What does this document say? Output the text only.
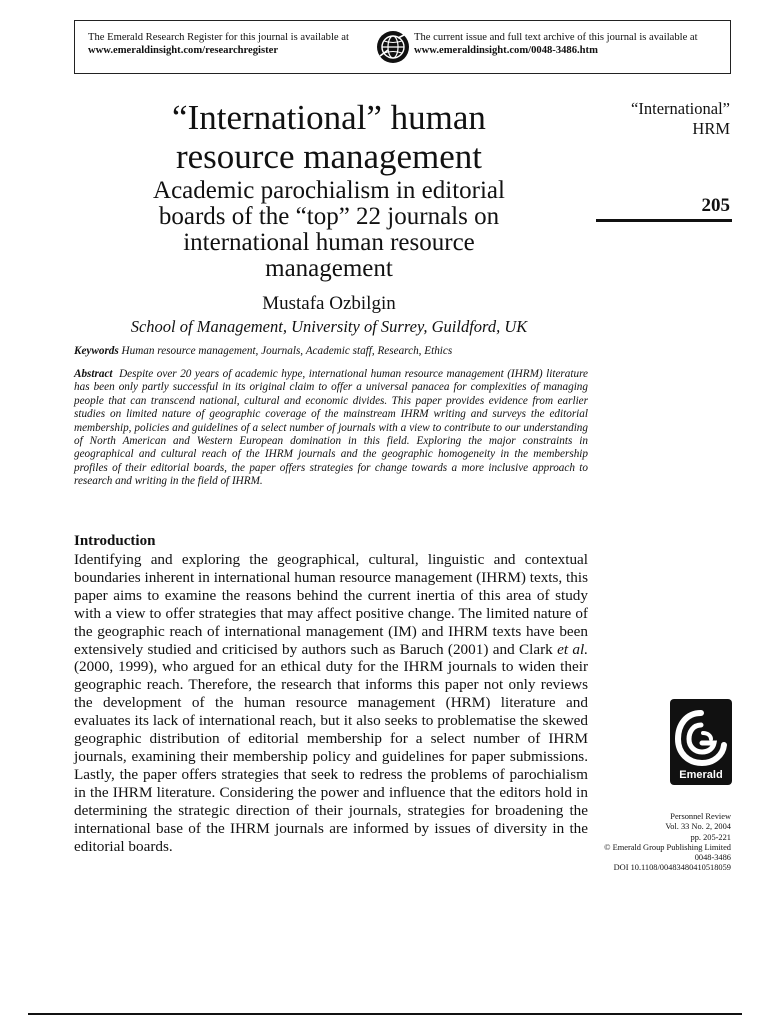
The Emerald Research Register for this journal is available at
www.emeraldinsight.com/researchregister
The current issue and full text archive of this journal is available at
www.emeraldinsight.com/0048-3486.htm
“International” human
resource management
Academic parochialism in editorial
boards of the “top” 22 journals on
international human resource
management
Mustafa Ozbilgin
School of Management, University of Surrey, Guildford, UK
“International”
HRM
205
Keywords Human resource management, Journals, Academic staff, Research, Ethics
Abstract Despite over 20 years of academic hype, international human resource management (IHRM) literature has been only partly successful in its original claim to offer a universal panacea for complexities of managing people that can transcend national, cultural and economic divides. This paper provides evidence from earlier studies on limited nature of geographic coverage of the mainstream IHRM writing and surveys the editorial membership, policies and guidelines of a select number of journals with a view to contribute to our understanding of North American and Western European domination in this field. Exploring the major constraints in geographical and cultural reach of the IHRM journals and the geographic homogeneity in the membership profiles of their editorial boards, the paper offers strategies for change towards a more inclusive approach to research and writing in the field of IHRM.
Introduction
Identifying and exploring the geographical, cultural, linguistic and contextual boundaries inherent in international human resource management (IHRM) texts, this paper aims to examine the reasons behind the current inertia of this area of study with a view to offer strategies that may affect positive change. The limited nature of the geographic reach of international management (IM) and IHRM texts have been extensively studied and criticised by authors such as Baruch (2001) and Clark et al. (2000, 1999), who argued for an ethical duty for the IHRM journals to widen their geographic reach. Therefore, the research that informs this paper not only reviews the development of the human resource management (HRM) literature and evaluates its lack of international reach, but it also seeks to problematise the skewed geographic distribution of editorial membership for a select number of IHRM journals, examining their membership policy and guidelines for paper submissions. Lastly, the paper offers strategies that seek to redress the problems of parochialism in the IHRM literature. Considering the power and influence that the editors hold in determining the strategic direction of their journals, strategies for broadening the international base of the IHRM journals are informed by issues of diversity in the editorial boards.
Emerald
Personnel Review
Vol. 33 No. 2, 2004
pp. 205-221
© Emerald Group Publishing Limited
0048-3486
DOI 10.1108/00483480410518059
